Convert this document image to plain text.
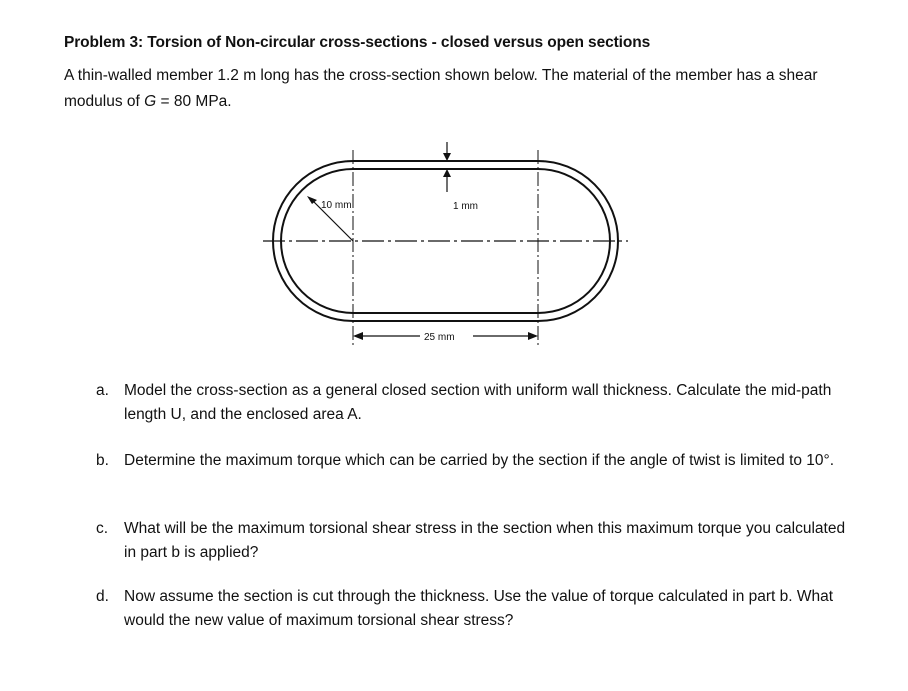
Problem 3: Torsion of Non-circular cross-sections - closed versus open sections
A thin-walled member 1.2 m long has the cross-section shown below. The material of the member has a shear modulus of G = 80 MPa.
10 mm	1 mm
25 mm
a. Model the cross-section as a general closed section with uniform wall thickness. Calculate the mid-path length U, and the enclosed area A.
b. Determine the maximum torque which can be carried by the section if the angle of twist is limited to 10°.
c.	What will be the maximum torsional shear stress in the section when this maximum torque you calculated in part b is applied?
d. Now assume the section is cut through the thickness. Use the value of torque calculated in part b. What would the new value of maximum torsional shear stress?
